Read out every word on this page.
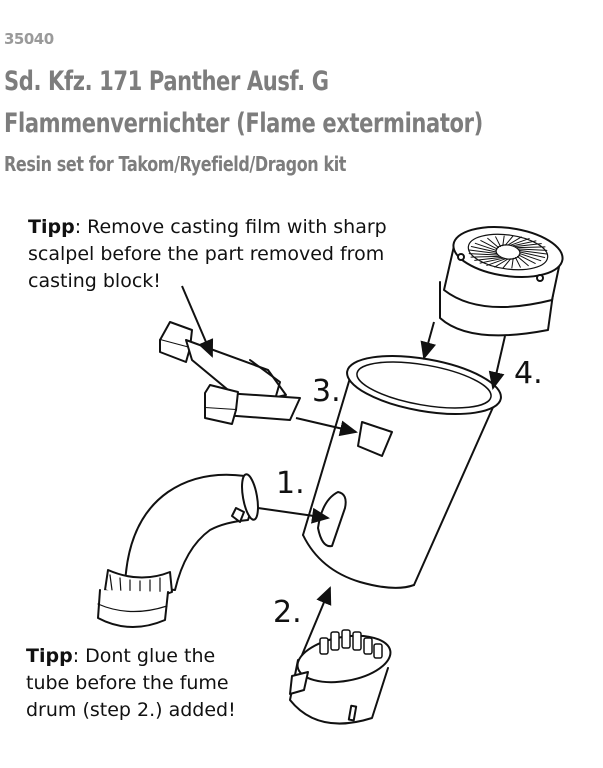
35040
Sd. Kfz. 171 Panther Ausf. G
Flammenvernichter (Flame exterminator)
Resin set for Takom/Ryefield/Dragon kit
Tipp: Remove casting film with sharp scalpel before the part removed from casting block!
Tipp: Dont glue the tube before the fume drum (step 2.) added!
1.
2.
3.
4.
